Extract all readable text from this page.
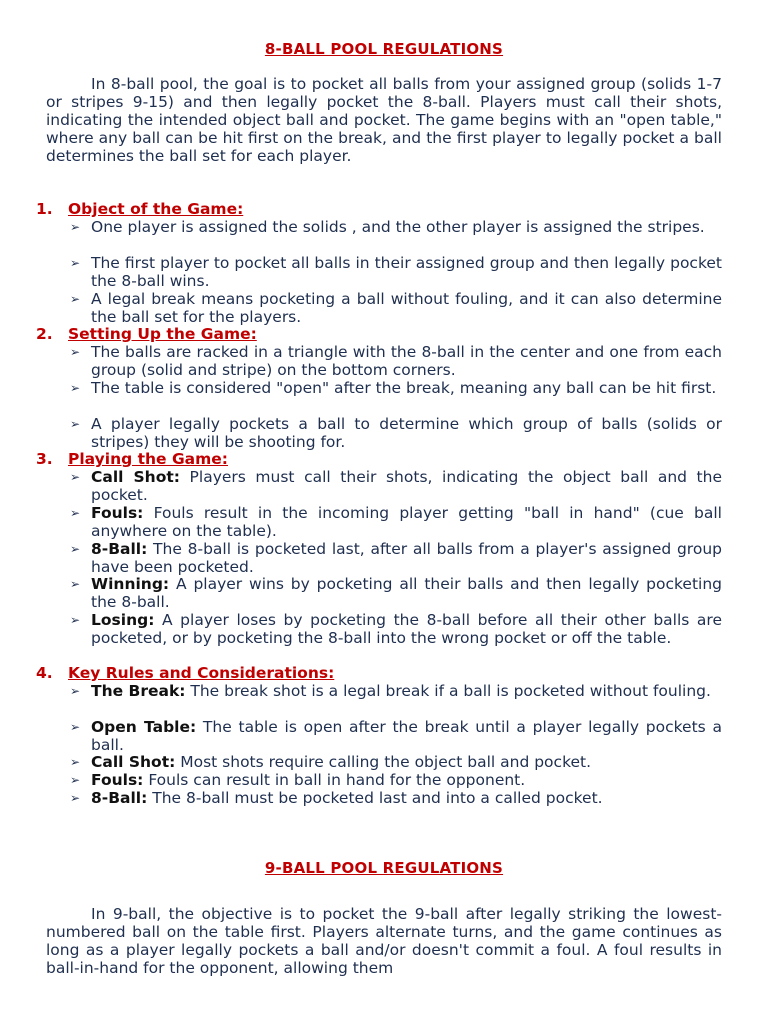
8-BALL POOL REGULATIONS

In 8-ball pool, the goal is to pocket all balls from your assigned group (solids 1-7 or stripes 9-15) and then legally pocket the 8-ball. Players must call their shots, indicating the intended object ball and pocket. The game begins with an "open table," where any ball can be hit first on the break, and the first player to legally pocket a ball determines the ball set for each player.

1. Object of the Game:
➢ One player is assigned the solids , and the other player is assigned the stripes.
➢ The first player to pocket all balls in their assigned group and then legally pocket the 8-ball wins.
➢ A legal break means pocketing a ball without fouling, and it can also determine the ball set for the players.
2. Setting Up the Game:
➢ The balls are racked in a triangle with the 8-ball in the center and one from each group (solid and stripe) on the bottom corners.
➢ The table is considered "open" after the break, meaning any ball can be hit first.
➢ A player legally pockets a ball to determine which group of balls (solids or stripes) they will be shooting for.
3. Playing the Game:
➢ Call Shot: Players must call their shots, indicating the object ball and the pocket.
➢ Fouls: Fouls result in the incoming player getting "ball in hand" (cue ball anywhere on the table).
➢ 8-Ball: The 8-ball is pocketed last, after all balls from a player's assigned group have been pocketed.
➢ Winning: A player wins by pocketing all their balls and then legally pocketing the 8-ball.
➢ Losing: A player loses by pocketing the 8-ball before all their other balls are pocketed, or by pocketing the 8-ball into the wrong pocket or off the table.
4. Key Rules and Considerations:
➢ The Break: The break shot is a legal break if a ball is pocketed without fouling.
➢ Open Table: The table is open after the break until a player legally pockets a ball.
➢ Call Shot: Most shots require calling the object ball and pocket.
➢ Fouls: Fouls can result in ball in hand for the opponent.
➢ 8-Ball: The 8-ball must be pocketed last and into a called pocket.
9-BALL POOL REGULATIONS

In 9-ball, the objective is to pocket the 9-ball after legally striking the lowest-numbered ball on the table first. Players alternate turns, and the game continues as long as a player legally pockets a ball and/or doesn't commit a foul. A foul results in ball-in-hand for the opponent, allowing them
